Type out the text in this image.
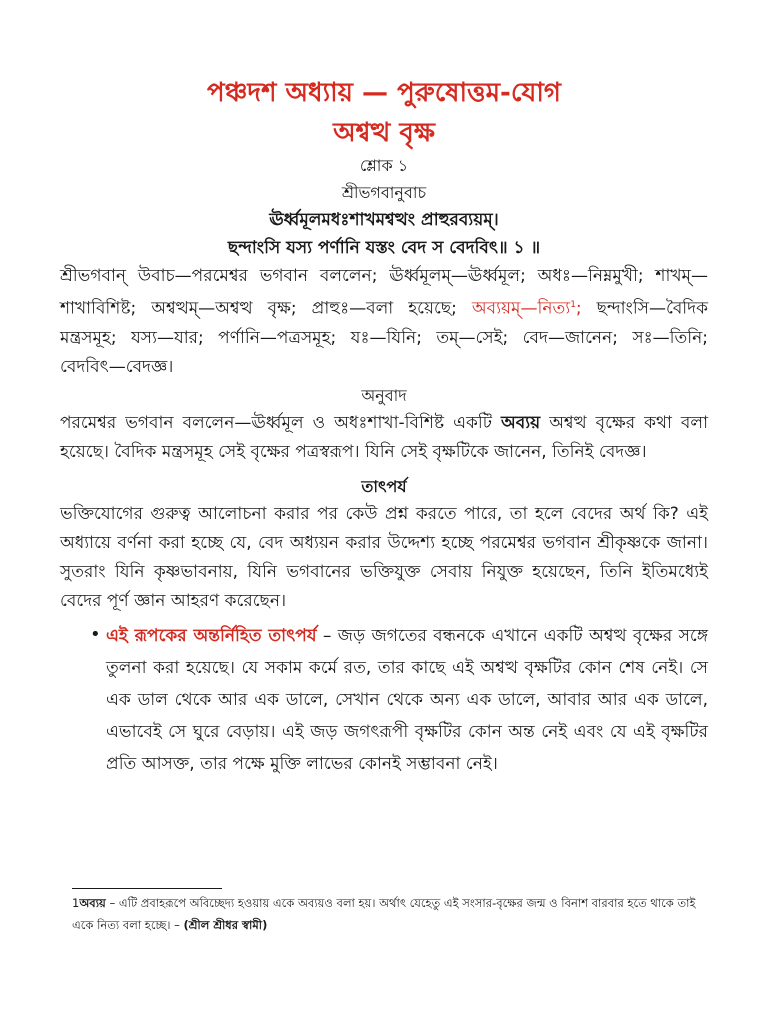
পঞ্চদশ অধ্যায় — পুরুষোত্তম-যোগ
অশ্বত্থ বৃক্ষ
শ্লোক ১
শ্রীভগবানুবাচ
ঊর্ধ্বমূলমধঃশাখমশ্বত্থং প্রাহুরব্যয়ম্।
ছন্দাংসি যস্য পর্ণানি যস্তং বেদ স বেদবিৎ॥ ১ ॥

শ্রীভগবান্ উবাচ—পরমেশ্বর ভগবান বললেন; ঊর্ধ্বমূলম্—ঊর্ধ্বমূল; অধঃ—নিম্নমুখী; শাখম্—শাখাবিশিষ্ট; অশ্বত্থম্—অশ্বত্থ বৃক্ষ; প্রাহুঃ—বলা হয়েছে; অব্যয়ম্—নিত্য$^1$; ছন্দাংসি—বৈদিক মন্ত্রসমূহ; যস্য—যার; পর্ণানি—পত্রসমূহ; যঃ—যিনি; তম্—সেই; বেদ—জানেন; সঃ—তিনি; বেদবিৎ—বেদজ্ঞ।

অনুবাদ

পরমেশ্বর ভগবান বললেন—ঊর্ধ্বমূল ও অধঃশাখা-বিশিষ্ট একটি অব্যয় অশ্বত্থ বৃক্ষের কথা বলা হয়েছে। বৈদিক মন্ত্রসমূহ সেই বৃক্ষের পত্রস্বরূপ। যিনি সেই বৃক্ষটিকে জানেন, তিনিই বেদজ্ঞ।

তাৎপর্য

ভক্তিযোগের গুরুত্ব আলোচনা করার পর কেউ প্রশ্ন করতে পারে, তা হলে বেদের অর্থ কি? এই অধ্যায়ে বর্ণনা করা হচ্ছে যে, বেদ অধ্যয়ন করার উদ্দেশ্য হচ্ছে পরমেশ্বর ভগবান শ্রীকৃষ্ণকে জানা। সুতরাং যিনি কৃষ্ণভাবনায়, যিনি ভগবানের ভক্তিযুক্ত সেবায় নিযুক্ত হয়েছেন, তিনি ইতিমধ্যেই বেদের পূর্ণ জ্ঞান আহরণ করেছেন।

• এই রূপকের অন্তর্নিহিত তাৎপর্য – জড় জগতের বন্ধনকে এখানে একটি অশ্বত্থ বৃক্ষের সঙ্গে তুলনা করা হয়েছে। যে সকাম কর্মে রত, তার কাছে এই অশ্বত্থ বৃক্ষটির কোন শেষ নেই। সে এক ডাল থেকে আর এক ডালে, সেখান থেকে অন্য এক ডালে, আবার আর এক ডালে, এভাবেই সে ঘুরে বেড়ায়। এই জড় জগৎরূপী বৃক্ষটির কোন অন্ত নেই এবং যে এই বৃক্ষটির প্রতি আসক্ত, তার পক্ষে মুক্তি লাভের কোনই সম্ভাবনা নেই।
1অব্যয় – এটি প্রবাহরূপে অবিচ্ছেদ্য হওয়ায় একে অব্যয়ও বলা হয়। অর্থাৎ যেহেতু এই সংসার-বৃক্ষের জন্ম ও বিনাশ বারবার হতে থাকে তাই একে নিত্য বলা হচ্ছে। – (শ্রীল শ্রীধর স্বামী)
